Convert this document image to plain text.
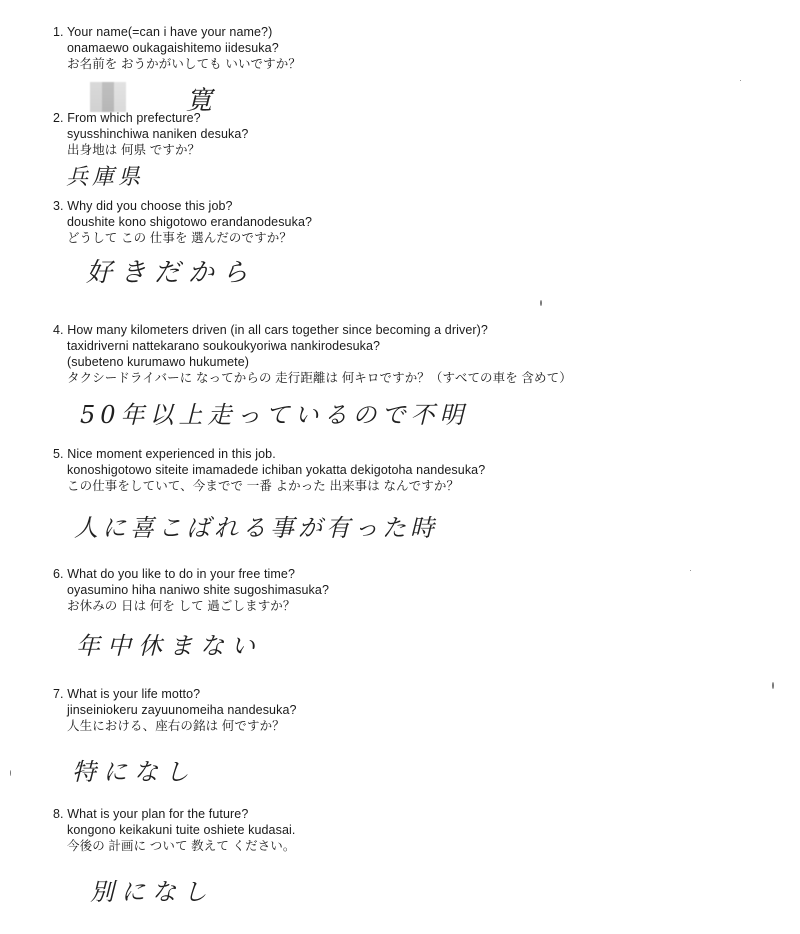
1. Your name(=can i have your name?)
onamaewo oukagaishitemo iidesuka?
お名前を おうかがいしても いいですか？
寛
2. From which prefecture?
syusshinchiwa naniken desuka?
出身地は 何県 ですか？
兵庫県
3. Why did you choose this job?
doushite kono shigotowo erandanodesuka?
どうして この 仕事を 選んだのですか？
好きだから
4. How many kilometers driven (in all cars together since becoming a driver)?
taxidriverni nattekarano soukoukyoriwa nankirodesuka?
(subeteno kurumawo hukumete)
タクシードライバーに なってからの 走行距離は 何キロですか？（すべての車を 含めて）
50年以上走っているので不明
5. Nice moment experienced in this job.
konoshigotowo siteite imamadede ichiban yokatta dekigotoha nandesuka?
この仕事をしていて、今までで 一番 よかった 出来事は なんですか？
人に喜こばれる事が有った時
6. What do you like to do in your free time?
oyasumino hiha naniwo shite sugoshimasuka?
お休みの 日は 何を して 過ごしますか？
年中休まない
7. What is your life motto?
jinseiniokeru zayuunomeiha nandesuka?
人生における、座右の銘は 何ですか？
特になし
8. What is your plan for the future?
kongono keikakuni tuite oshiete kudasai.
今後の 計画に ついて 教えて ください。
別になし
